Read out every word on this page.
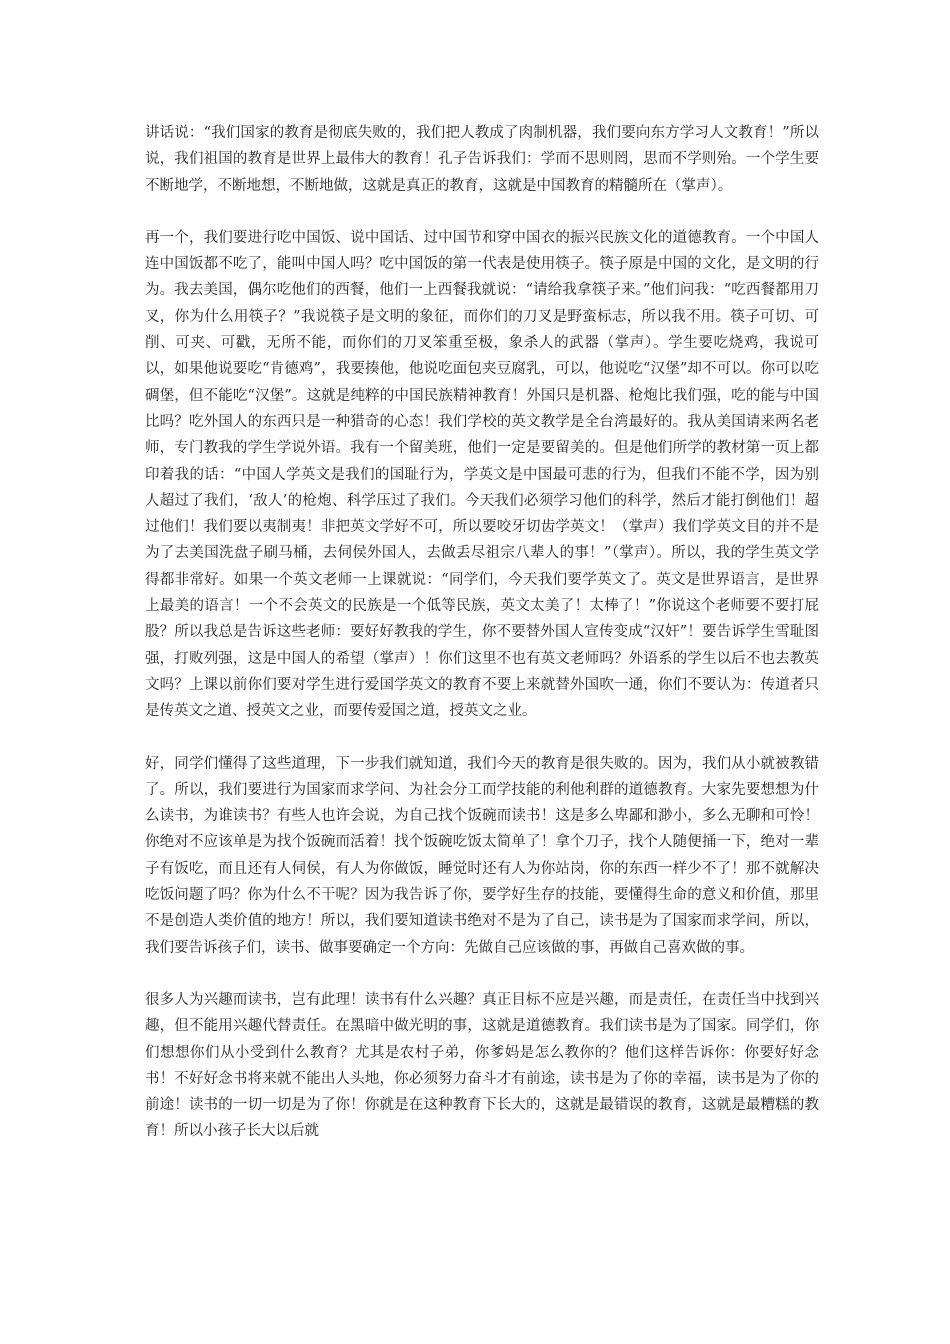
讲话说：“我们国家的教育是彻底失败的，我们把人教成了肉制机器，我们要向东方学习人文教育！”所以说，我们祖国的教育是世界上最伟大的教育！孔子告诉我们：学而不思则罔，思而不学则殆。一个学生要不断地学，不断地想，不断地做，这就是真正的教育，这就是中国教育的精髓所在（掌声）。

再一个，我们要进行吃中国饭、说中国话、过中国节和穿中国衣的振兴民族文化的道德教育。一个中国人连中国饭都不吃了，能叫中国人吗？吃中国饭的第一代表是使用筷子。筷子原是中国的文化，是文明的行为。我去美国，偶尔吃他们的西餐，他们一上西餐我就说：“请给我拿筷子来。”他们问我：“吃西餐都用刀叉，你为什么用筷子？”我说筷子是文明的象征，而你们的刀叉是野蛮标志，所以我不用。筷子可切、可削、可夹、可戳，无所不能，而你们的刀叉笨重至极，象杀人的武器（掌声）。学生要吃烧鸡，我说可以，如果他说要吃“肯德鸡”，我要揍他，他说吃面包夹豆腐乳，可以，他说吃“汉堡”却不可以。你可以吃碉堡，但不能吃“汉堡”。这就是纯粹的中国民族精神教育！外国只是机器、枪炮比我们强，吃的能与中国比吗？吃外国人的东西只是一种猎奇的心态！我们学校的英文教学是全台湾最好的。我从美国请来两名老师，专门教我的学生学说外语。我有一个留美班，他们一定是要留美的。但是他们所学的教材第一页上都印着我的话：“中国人学英文是我们的国耻行为，学英文是中国最可悲的行为，但我们不能不学，因为别人超过了我们，‘敌人’的枪炮、科学压过了我们。今天我们必须学习他们的科学，然后才能打倒他们！超过他们！我们要以夷制夷！非把英文学好不可，所以要咬牙切齿学英文！（掌声）我们学英文目的并不是为了去美国洗盘子刷马桶，去伺侯外国人，去做丢尽祖宗八辈人的事！”（掌声）。所以，我的学生英文学得都非常好。如果一个英文老师一上课就说：“同学们，今天我们要学英文了。英文是世界语言，是世界上最美的语言！一个不会英文的民族是一个低等民族，英文太美了！太棒了！”你说这个老师要不要打屁股？所以我总是告诉这些老师：要好好教我的学生，你不要替外国人宣传变成“汉奸”！要告诉学生雪耻图强，打败列强，这是中国人的希望（掌声）！你们这里不也有英文老师吗？外语系的学生以后不也去教英文吗？上课以前你们要对学生进行爱国学英文的教育不要上来就替外国吹一通，你们不要认为：传道者只是传英文之道、授英文之业，而要传爱国之道，授英文之业。

好，同学们懂得了这些道理，下一步我们就知道，我们今天的教育是很失败的。因为，我们从小就被教错了。所以，我们要进行为国家而求学问、为社会分工而学技能的利他利群的道德教育。大家先要想想为什么读书，为谁读书？有些人也许会说，为自己找个饭碗而读书！这是多么卑鄙和渺小，多么无聊和可怜！你绝对不应该单是为找个饭碗而活着！找个饭碗吃饭太简单了！拿个刀子，找个人随便捅一下，绝对一辈子有饭吃，而且还有人伺侯，有人为你做饭，睡觉时还有人为你站岗，你的东西一样少不了！那不就解决吃饭问题了吗？你为什么不干呢？因为我告诉了你，要学好生存的技能，要懂得生命的意义和价值，那里不是创造人类价值的地方！所以，我们要知道读书绝对不是为了自己，读书是为了国家而求学问，所以，我们要告诉孩子们，读书、做事要确定一个方向：先做自己应该做的事，再做自己喜欢做的事。

很多人为兴趣而读书，岂有此理！读书有什么兴趣？真正目标不应是兴趣，而是责任，在责任当中找到兴趣，但不能用兴趣代替责任。在黑暗中做光明的事，这就是道德教育。我们读书是为了国家。同学们，你们想想你们从小受到什么教育？尤其是农村子弟，你爹妈是怎么教你的？他们这样告诉你：你要好好念书！不好好念书将来就不能出人头地，你必须努力奋斗才有前途，读书是为了你的幸福，读书是为了你的前途！读书的一切一切是为了你！你就是在这种教育下长大的，这就是最错误的教育，这就是最糟糕的教育！所以小孩子长大以后就
